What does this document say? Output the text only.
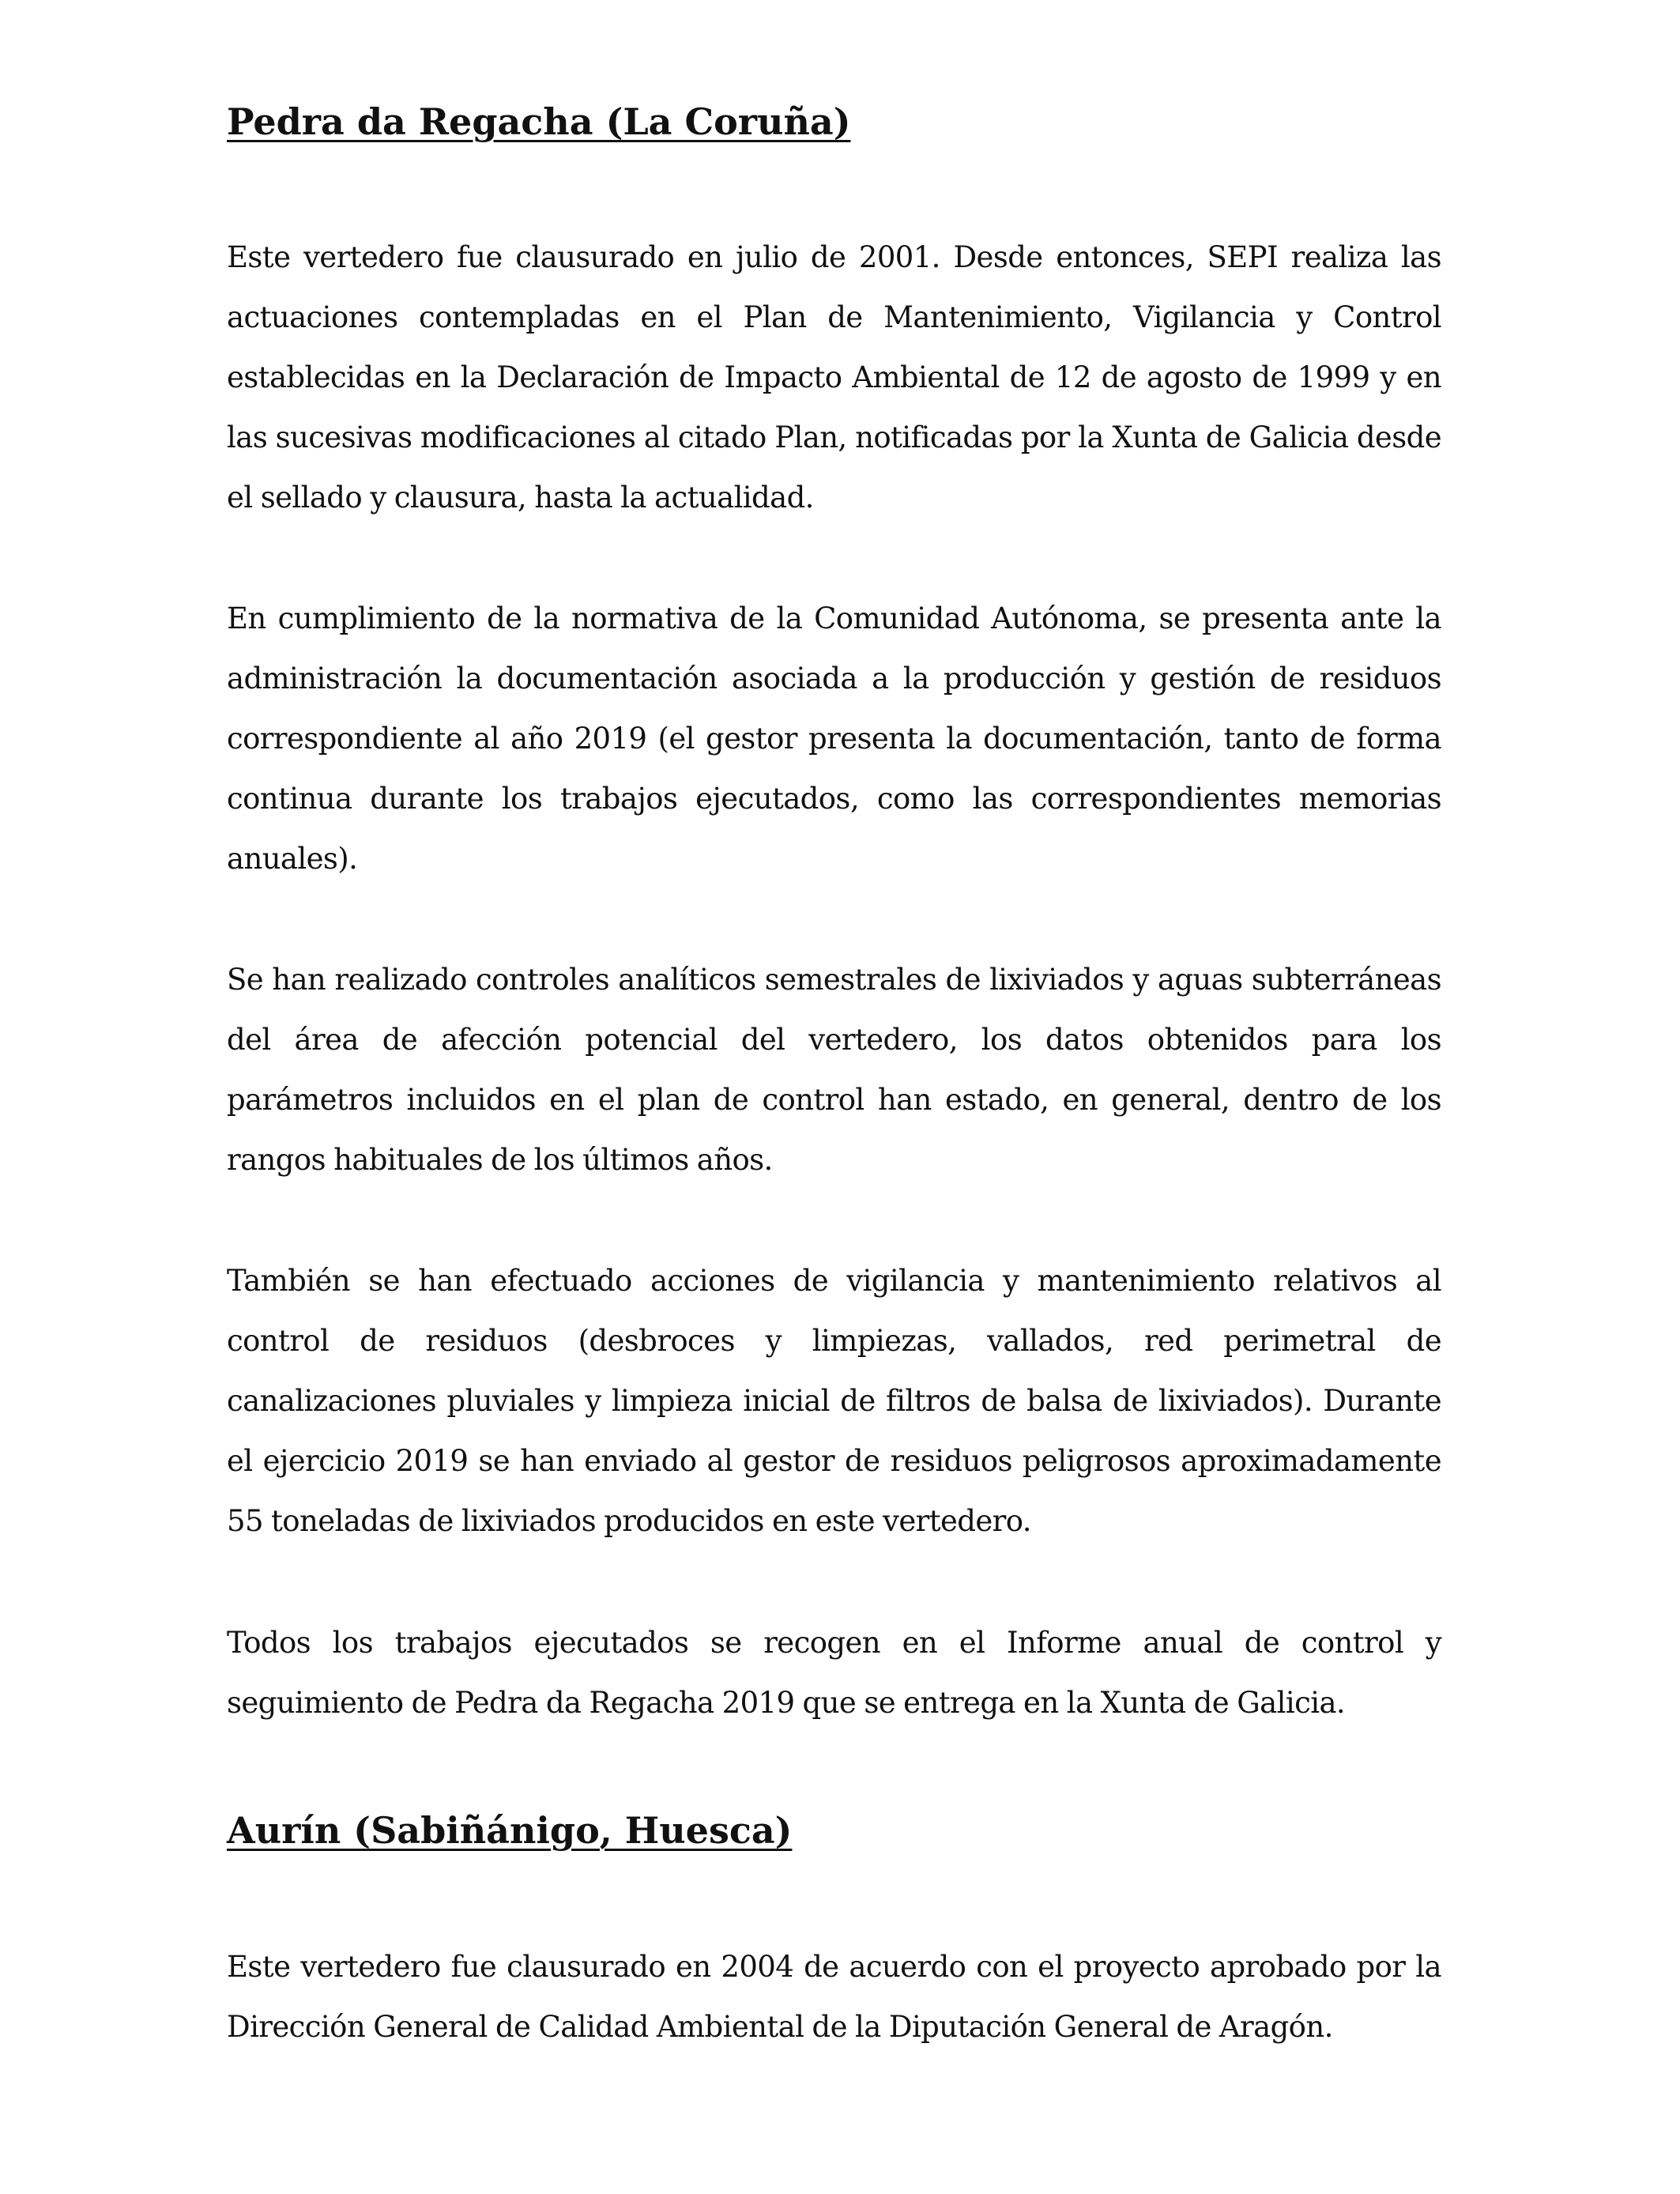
Pedra da Regacha (La Coruña)

Este vertedero fue clausurado en julio de 2001. Desde entonces, SEPI realiza las actuaciones contempladas en el Plan de Mantenimiento, Vigilancia y Control establecidas en la Declaración de Impacto Ambiental de 12 de agosto de 1999 y en las sucesivas modificaciones al citado Plan, notificadas por la Xunta de Galicia desde el sellado y clausura, hasta la actualidad.

En cumplimiento de la normativa de la Comunidad Autónoma, se presenta ante la administración la documentación asociada a la producción y gestión de residuos correspondiente al año 2019 (el gestor presenta la documentación, tanto de forma continua durante los trabajos ejecutados, como las correspondientes memorias anuales).

Se han realizado controles analíticos semestrales de lixiviados y aguas subterráneas del área de afección potencial del vertedero, los datos obtenidos para los parámetros incluidos en el plan de control han estado, en general, dentro de los rangos habituales de los últimos años.

También se han efectuado acciones de vigilancia y mantenimiento relativos al control de residuos (desbroces y limpiezas, vallados, red perimetral de canalizaciones pluviales y limpieza inicial de filtros de balsa de lixiviados). Durante el ejercicio 2019 se han enviado al gestor de residuos peligrosos aproximadamente 55 toneladas de lixiviados producidos en este vertedero.

Todos los trabajos ejecutados se recogen en el Informe anual de control y seguimiento de Pedra da Regacha 2019 que se entrega en la Xunta de Galicia.

Aurín (Sabiñánigo, Huesca)

Este vertedero fue clausurado en 2004 de acuerdo con el proyecto aprobado por la Dirección General de Calidad Ambiental de la Diputación General de Aragón.
